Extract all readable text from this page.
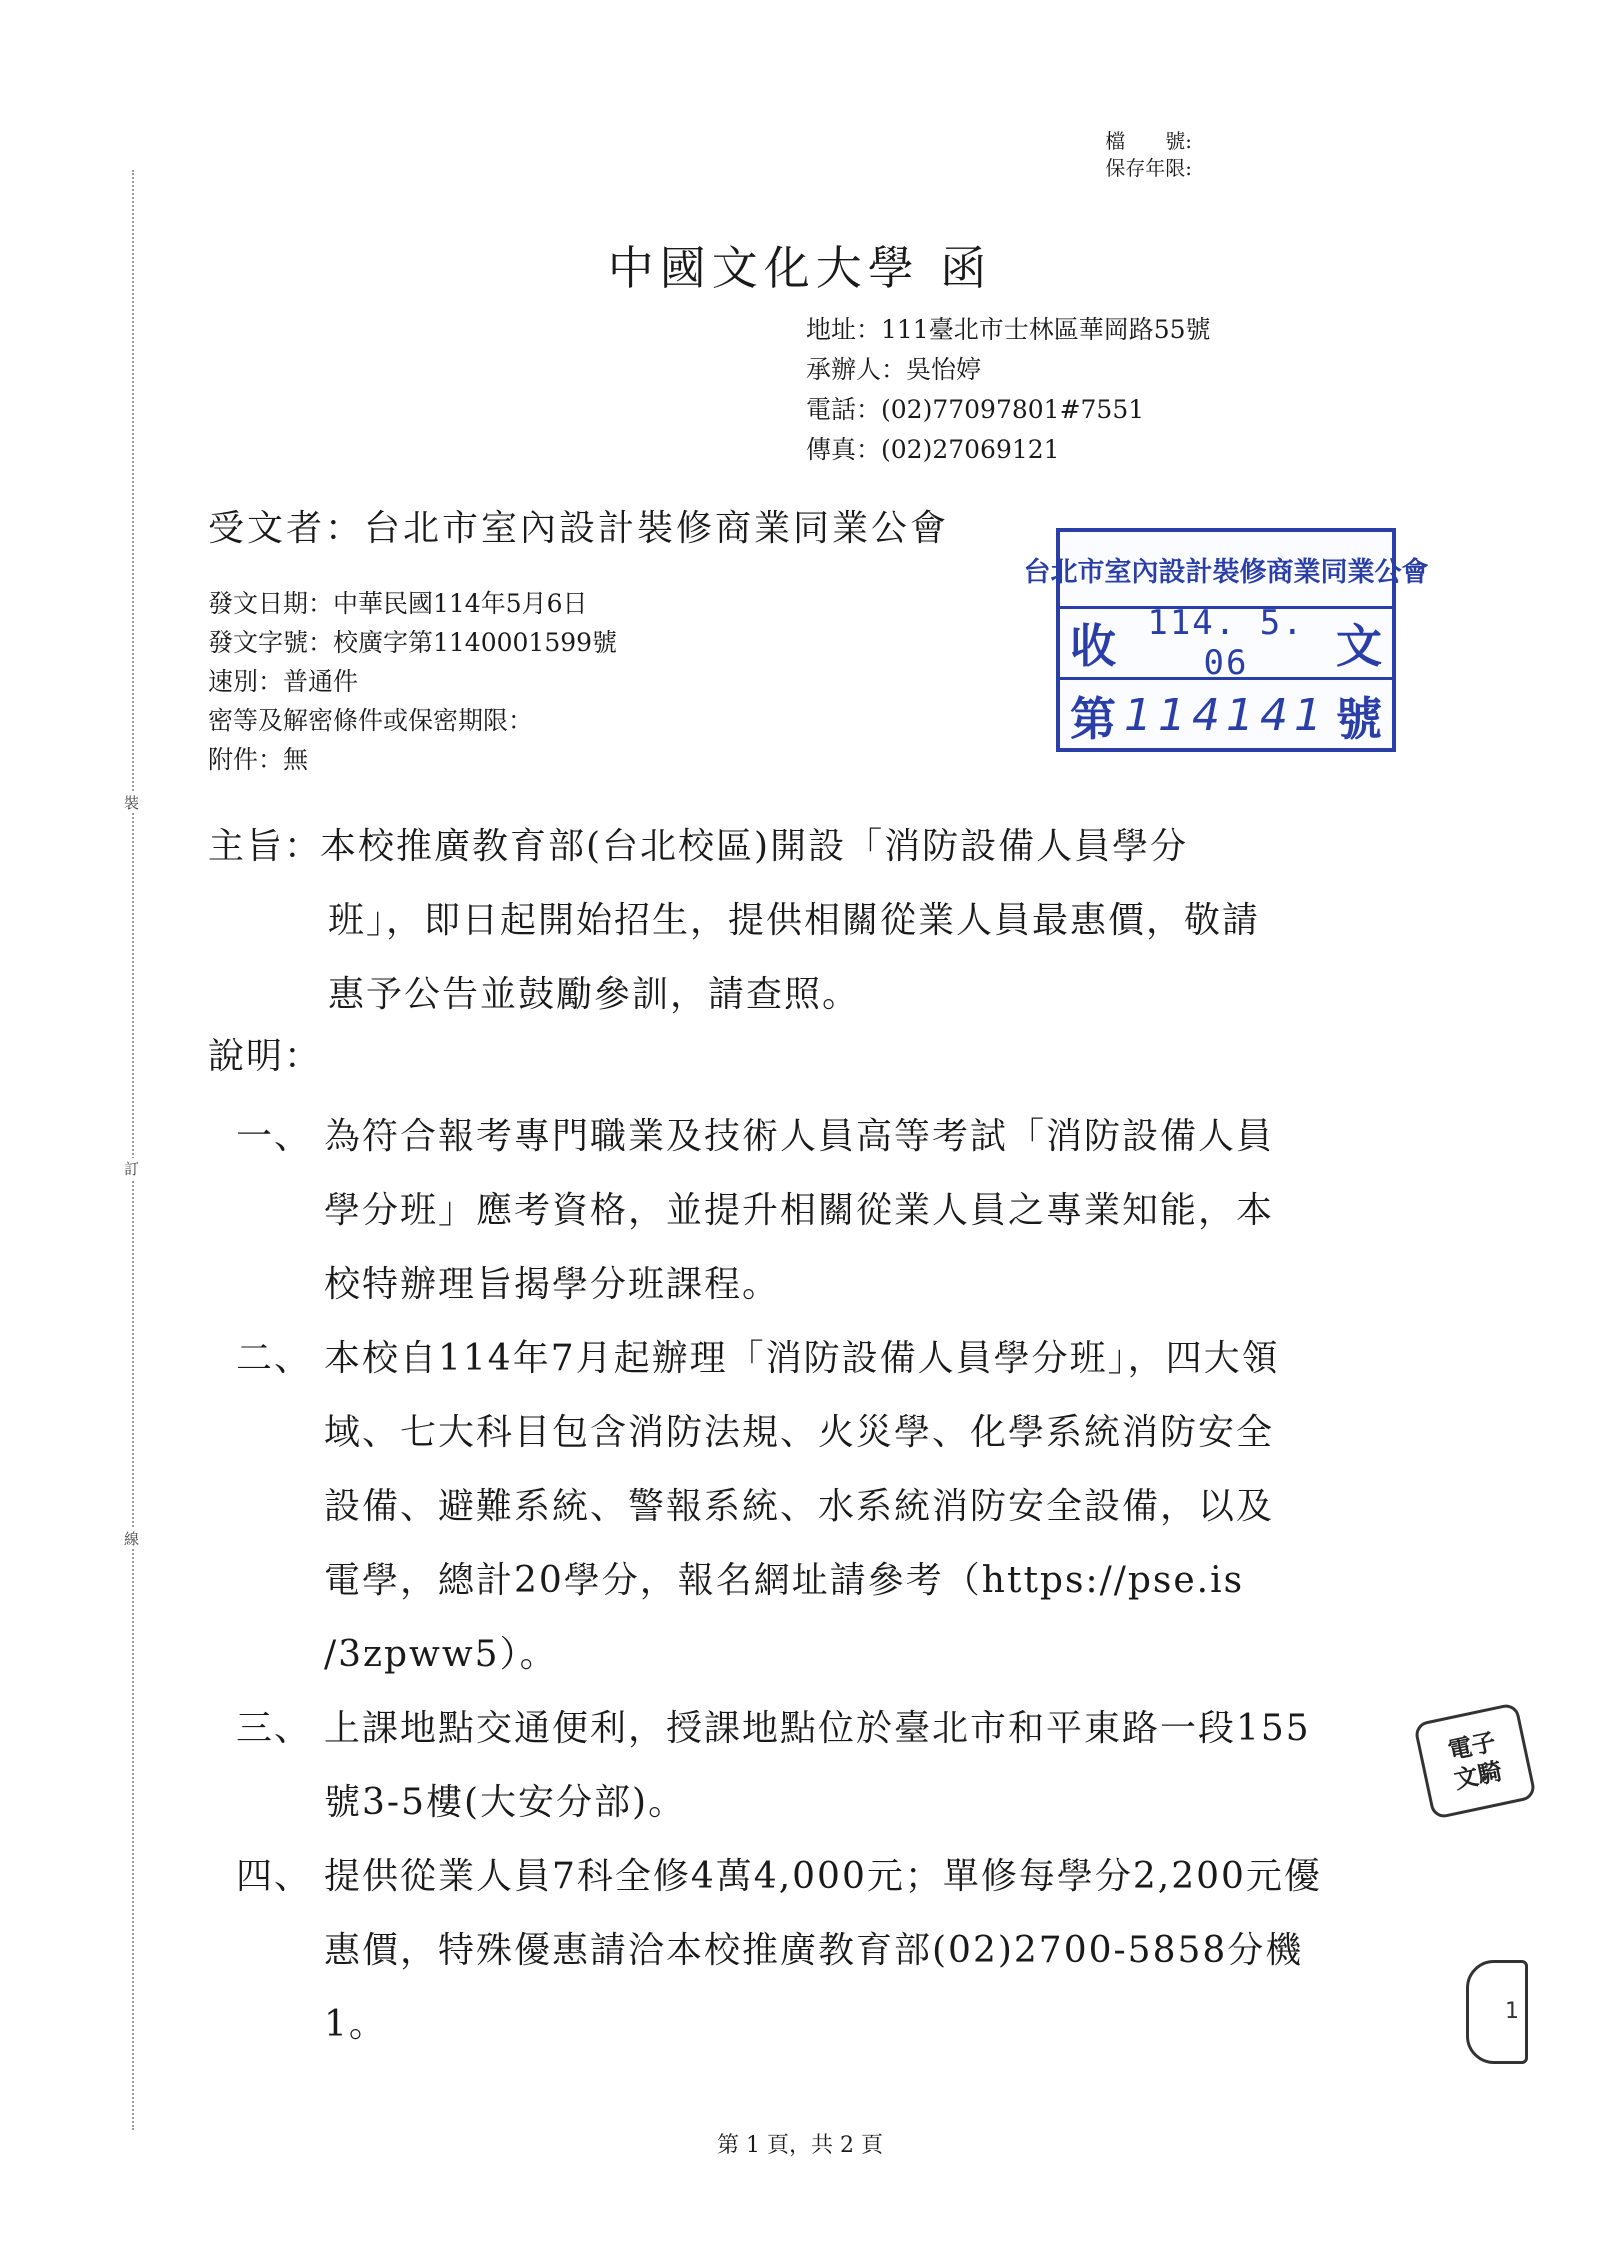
裝
訂
線
檔　　號:
保存年限:
中國文化大學 函
地址：111臺北市士林區華岡路55號
承辦人：吳怡婷
電話：(02)77097801#7551
傳真：(02)27069121
受文者：台北市室內設計裝修商業同業公會
發文日期：中華民國114年5月6日
發文字號：校廣字第1140001599號
速別：普通件
密等及解密條件或保密期限：
附件：無
台北市室內設計裝修商業同業公會
收 114. 5. 06	文
第 114141 號
主旨：
本校推廣教育部(台北校區)開設「消防設備人員學分
班」，即日起開始招生，提供相關從業人員最惠價，敬請
惠予公告並鼓勵參訓，請查照。
說明：
一、 為符合報考專門職業及技術人員高等考試「消防設備人員
學分班」應考資格，並提升相關從業人員之專業知能，本
校特辦理旨揭學分班課程。
二、 本校自114年7月起辦理「消防設備人員學分班」，四大領
域、七大科目包含消防法規、火災學、化學系統消防安全
設備、避難系統、警報系統、水系統消防安全設備，以及
電學，總計20學分，報名網址請參考（https://pse.is
/3zpww5）。
三、 上課地點交通便利，授課地點位於臺北市和平東路一段155
號3-5樓(大安分部)。
四、 提供從業人員7科全修4萬4,000元；單修每學分2,200元優
惠價，特殊優惠請洽本校推廣教育部(02)2700-5858分機
1。
電子
文騎
1
第 1 頁，共 2 頁
